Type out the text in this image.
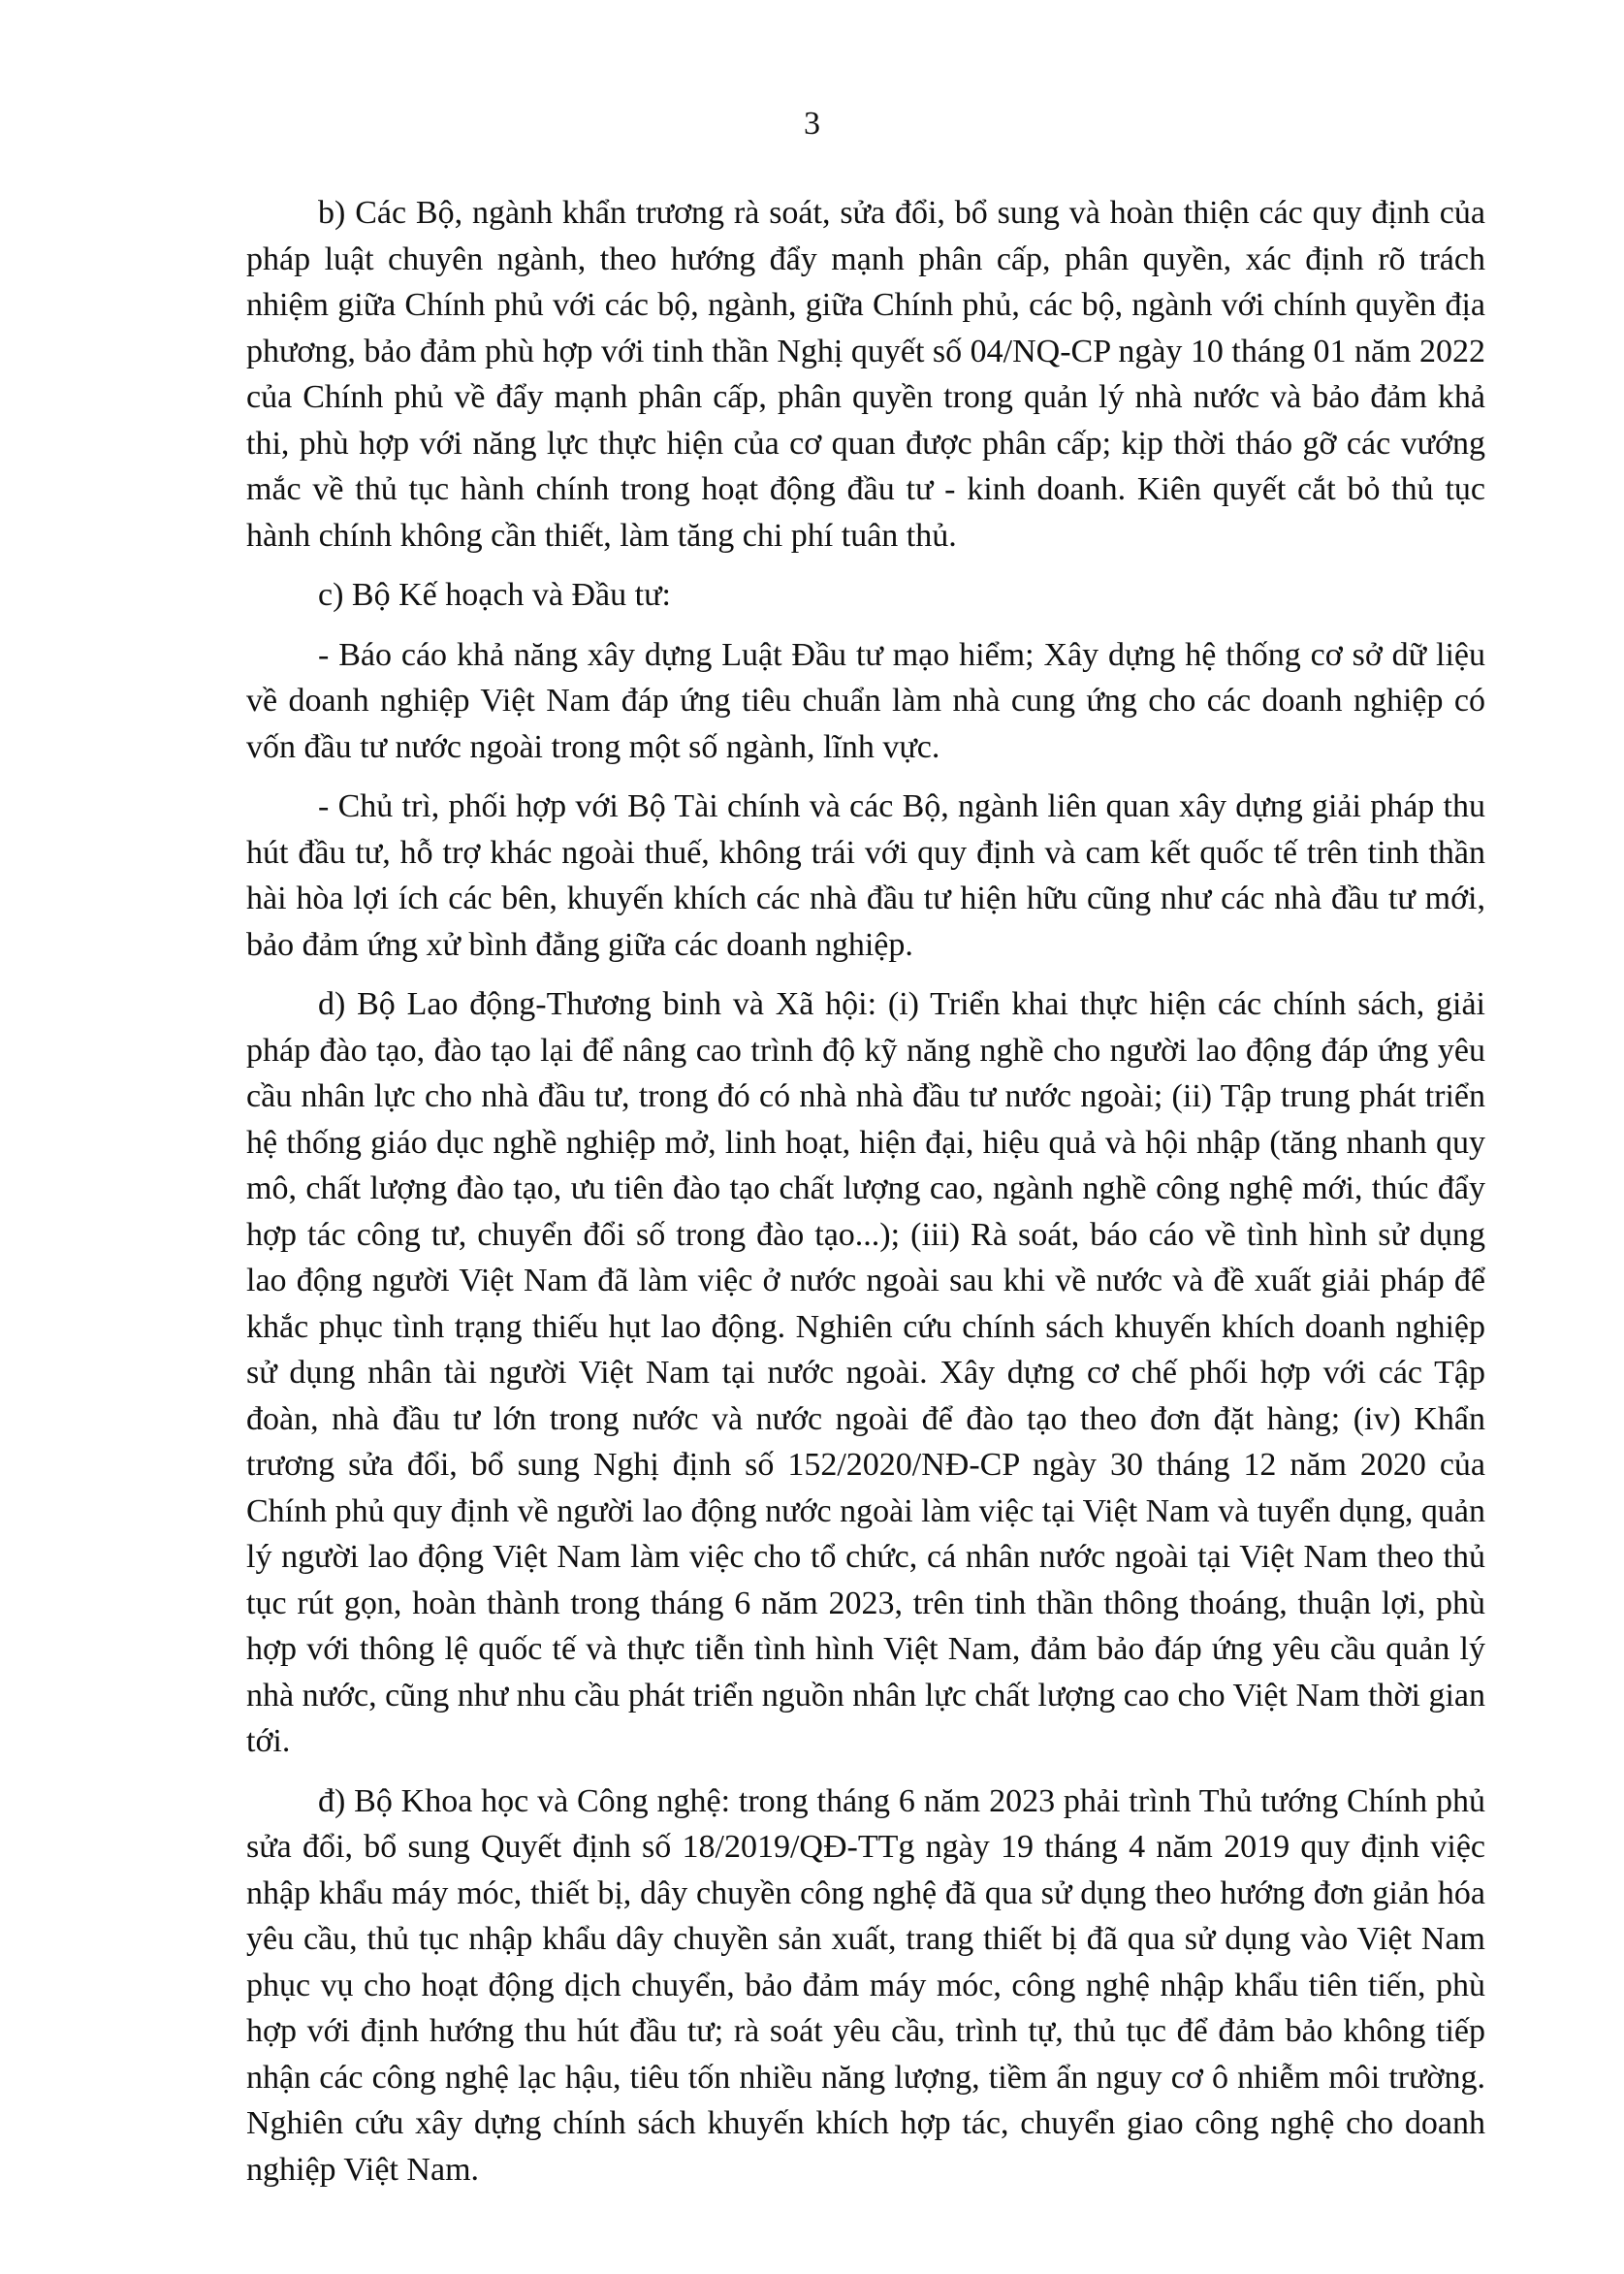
3

b) Các Bộ, ngành khẩn trương rà soát, sửa đổi, bổ sung và hoàn thiện các quy định của pháp luật chuyên ngành, theo hướng đẩy mạnh phân cấp, phân quyền, xác định rõ trách nhiệm giữa Chính phủ với các bộ, ngành, giữa Chính phủ, các bộ, ngành với chính quyền địa phương, bảo đảm phù hợp với tinh thần Nghị quyết số 04/NQ-CP ngày 10 tháng 01 năm 2022 của Chính phủ về đẩy mạnh phân cấp, phân quyền trong quản lý nhà nước và bảo đảm khả thi, phù hợp với năng lực thực hiện của cơ quan được phân cấp; kịp thời tháo gỡ các vướng mắc về thủ tục hành chính trong hoạt động đầu tư - kinh doanh. Kiên quyết cắt bỏ thủ tục hành chính không cần thiết, làm tăng chi phí tuân thủ.

c) Bộ Kế hoạch và Đầu tư:

- Báo cáo khả năng xây dựng Luật Đầu tư mạo hiểm; Xây dựng hệ thống cơ sở dữ liệu về doanh nghiệp Việt Nam đáp ứng tiêu chuẩn làm nhà cung ứng cho các doanh nghiệp có vốn đầu tư nước ngoài trong một số ngành, lĩnh vực.

- Chủ trì, phối hợp với Bộ Tài chính và các Bộ, ngành liên quan xây dựng giải pháp thu hút đầu tư, hỗ trợ khác ngoài thuế, không trái với quy định và cam kết quốc tế trên tinh thần hài hòa lợi ích các bên, khuyến khích các nhà đầu tư hiện hữu cũng như các nhà đầu tư mới, bảo đảm ứng xử bình đẳng giữa các doanh nghiệp.

d) Bộ Lao động-Thương binh và Xã hội: (i) Triển khai thực hiện các chính sách, giải pháp đào tạo, đào tạo lại để nâng cao trình độ kỹ năng nghề cho người lao động đáp ứng yêu cầu nhân lực cho nhà đầu tư, trong đó có nhà nhà đầu tư nước ngoài; (ii) Tập trung phát triển hệ thống giáo dục nghề nghiệp mở, linh hoạt, hiện đại, hiệu quả và hội nhập (tăng nhanh quy mô, chất lượng đào tạo, ưu tiên đào tạo chất lượng cao, ngành nghề công nghệ mới, thúc đẩy hợp tác công tư, chuyển đổi số trong đào tạo...); (iii) Rà soát, báo cáo về tình hình sử dụng lao động người Việt Nam đã làm việc ở nước ngoài sau khi về nước và đề xuất giải pháp để khắc phục tình trạng thiếu hụt lao động. Nghiên cứu chính sách khuyến khích doanh nghiệp sử dụng nhân tài người Việt Nam tại nước ngoài. Xây dựng cơ chế phối hợp với các Tập đoàn, nhà đầu tư lớn trong nước và nước ngoài để đào tạo theo đơn đặt hàng; (iv) Khẩn trương sửa đổi, bổ sung Nghị định số 152/2020/NĐ-CP ngày 30 tháng 12 năm 2020 của Chính phủ quy định về người lao động nước ngoài làm việc tại Việt Nam và tuyển dụng, quản lý người lao động Việt Nam làm việc cho tổ chức, cá nhân nước ngoài tại Việt Nam theo thủ tục rút gọn, hoàn thành trong tháng 6 năm 2023, trên tinh thần thông thoáng, thuận lợi, phù hợp với thông lệ quốc tế và thực tiễn tình hình Việt Nam, đảm bảo đáp ứng yêu cầu quản lý nhà nước, cũng như nhu cầu phát triển nguồn nhân lực chất lượng cao cho Việt Nam thời gian tới.

đ) Bộ Khoa học và Công nghệ: trong tháng 6 năm 2023 phải trình Thủ tướng Chính phủ sửa đổi, bổ sung Quyết định số 18/2019/QĐ-TTg ngày 19 tháng 4 năm 2019 quy định việc nhập khẩu máy móc, thiết bị, dây chuyền công nghệ đã qua sử dụng theo hướng đơn giản hóa yêu cầu, thủ tục nhập khẩu dây chuyền sản xuất, trang thiết bị đã qua sử dụng vào Việt Nam phục vụ cho hoạt động dịch chuyển, bảo đảm máy móc, công nghệ nhập khẩu tiên tiến, phù hợp với định hướng thu hút đầu tư; rà soát yêu cầu, trình tự, thủ tục để đảm bảo không tiếp nhận các công nghệ lạc hậu, tiêu tốn nhiều năng lượng, tiềm ẩn nguy cơ ô nhiễm môi trường. Nghiên cứu xây dựng chính sách khuyến khích hợp tác, chuyển giao công nghệ cho doanh nghiệp Việt Nam.
